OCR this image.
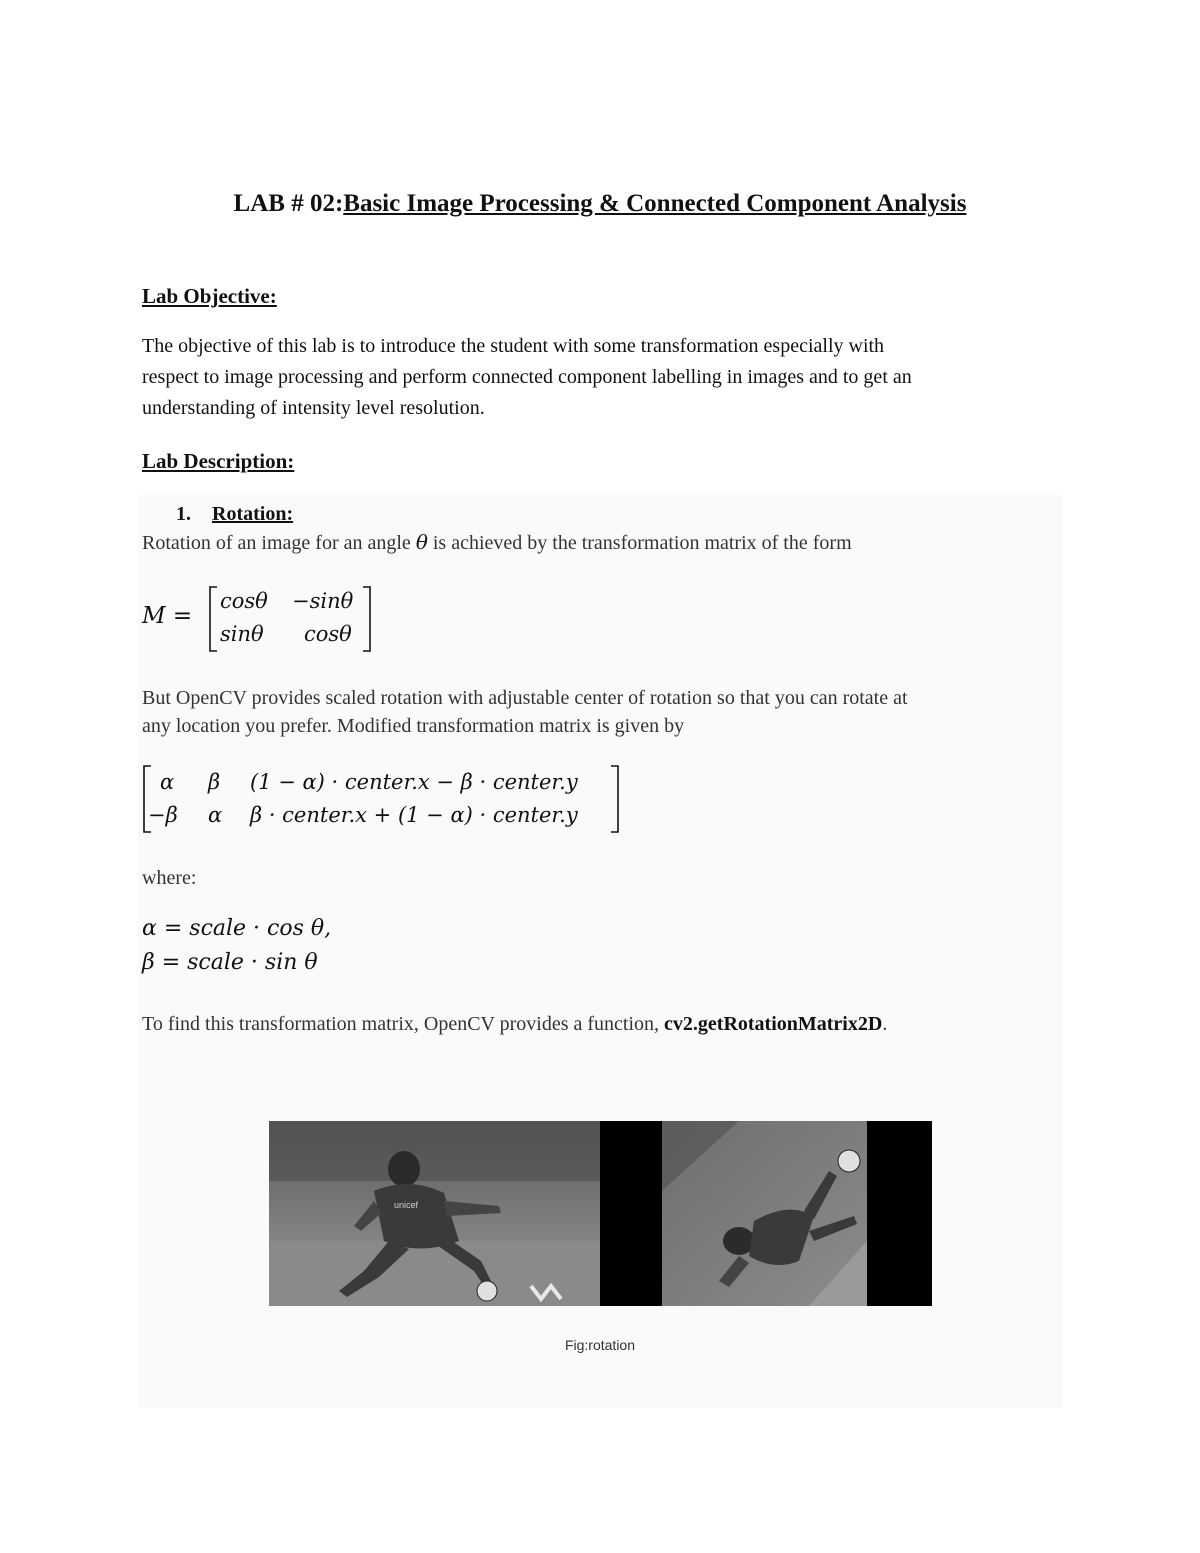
LAB # 02:Basic Image Processing & Connected Component Analysis
Lab Objective:
The objective of this lab is to introduce the student with some transformation especially with
respect to image processing and perform connected component labelling in images and to get an
understanding of intensity level resolution.
Lab Description:
1. Rotation:
Rotation of an image for an angle θ is achieved by the transformation matrix of the form
M =
cosθ −sinθ
sinθ cosθ
But OpenCV provides scaled rotation with adjustable center of rotation so that you can rotate at
any location you prefer. Modified transformation matrix is given by
α β (1 − α) · center.x − β · center.y
−β α β · center.x + (1 − α) · center.y
where:
α = scale · cos θ,
β = scale · sin θ
To find this transformation matrix, OpenCV provides a function, cv2.getRotationMatrix2D.
unicef
Fig:rotation
